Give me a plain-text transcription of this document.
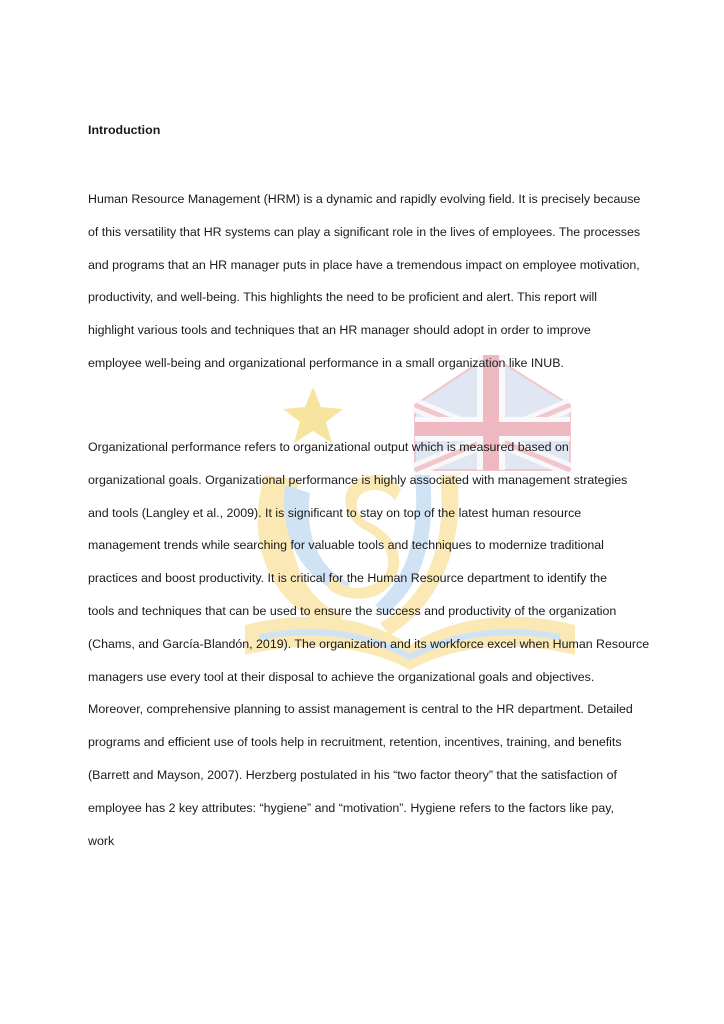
Introduction

Human Resource Management (HRM) is a dynamic and rapidly evolving field. It is precisely because
of this versatility that HR systems can play a significant role in the lives of employees. The processes
and programs that an HR manager puts in place have a tremendous impact on employee motivation,
productivity, and well-being. This highlights the need to be proficient and alert. This report will
highlight various tools and techniques that an HR manager should adopt in order to improve
employee well-being and organizational performance in a small organization like INUB.

Organizational performance refers to organizational output which is measured based on
organizational goals. Organizational performance is highly associated with management strategies
and tools (Langley et al., 2009). It is significant to stay on top of the latest human resource
management trends while searching for valuable tools and techniques to modernize traditional
practices and boost productivity. It is critical for the Human Resource department to identify the
tools and techniques that can be used to ensure the success and productivity of the organization
(Chams, and García-Blandón, 2019). The organization and its workforce excel when Human Resource
managers use every tool at their disposal to achieve the organizational goals and objectives.
Moreover, comprehensive planning to assist management is central to the HR department. Detailed
programs and efficient use of tools help in recruitment, retention, incentives, training, and benefits
(Barrett and Mayson, 2007). Herzberg postulated in his “two factor theory” that the satisfaction of
employee has 2 key attributes: “hygiene” and “motivation”. Hygiene refers to the factors like pay,
work
